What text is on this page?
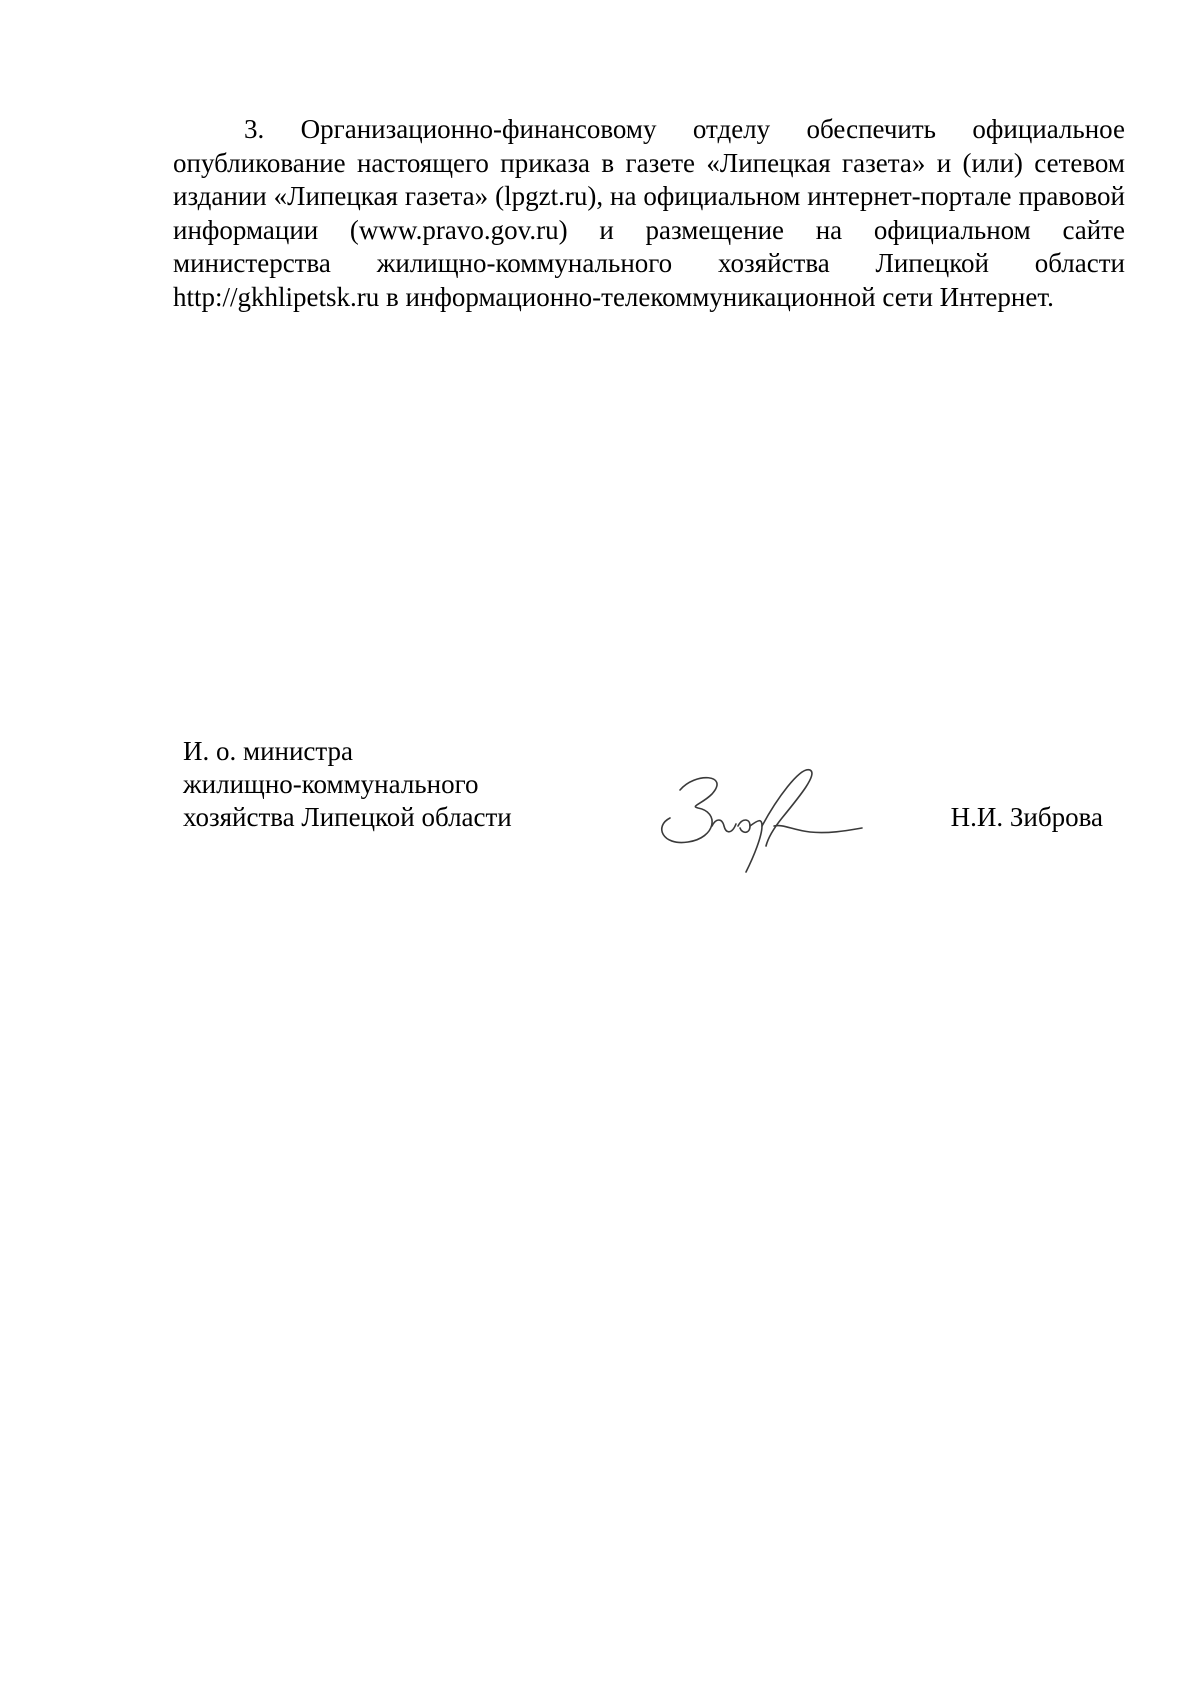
3. Организационно-финансовому отделу обеспечить официальное опубликование настоящего приказа в газете «Липецкая газета» и (или) сетевом издании «Липецкая газета» (lpgzt.ru), на официальном интернет-портале правовой информации (www.pravo.gov.ru) и размещение на официальном сайте министерства жилищно-коммунального хозяйства Липецкой области http://gkhlipetsk.ru в информационно-телекоммуникационной сети Интернет.

И. о. министра
жилищно-коммунального
хозяйства Липецкой области	Н.И. Зиброва
